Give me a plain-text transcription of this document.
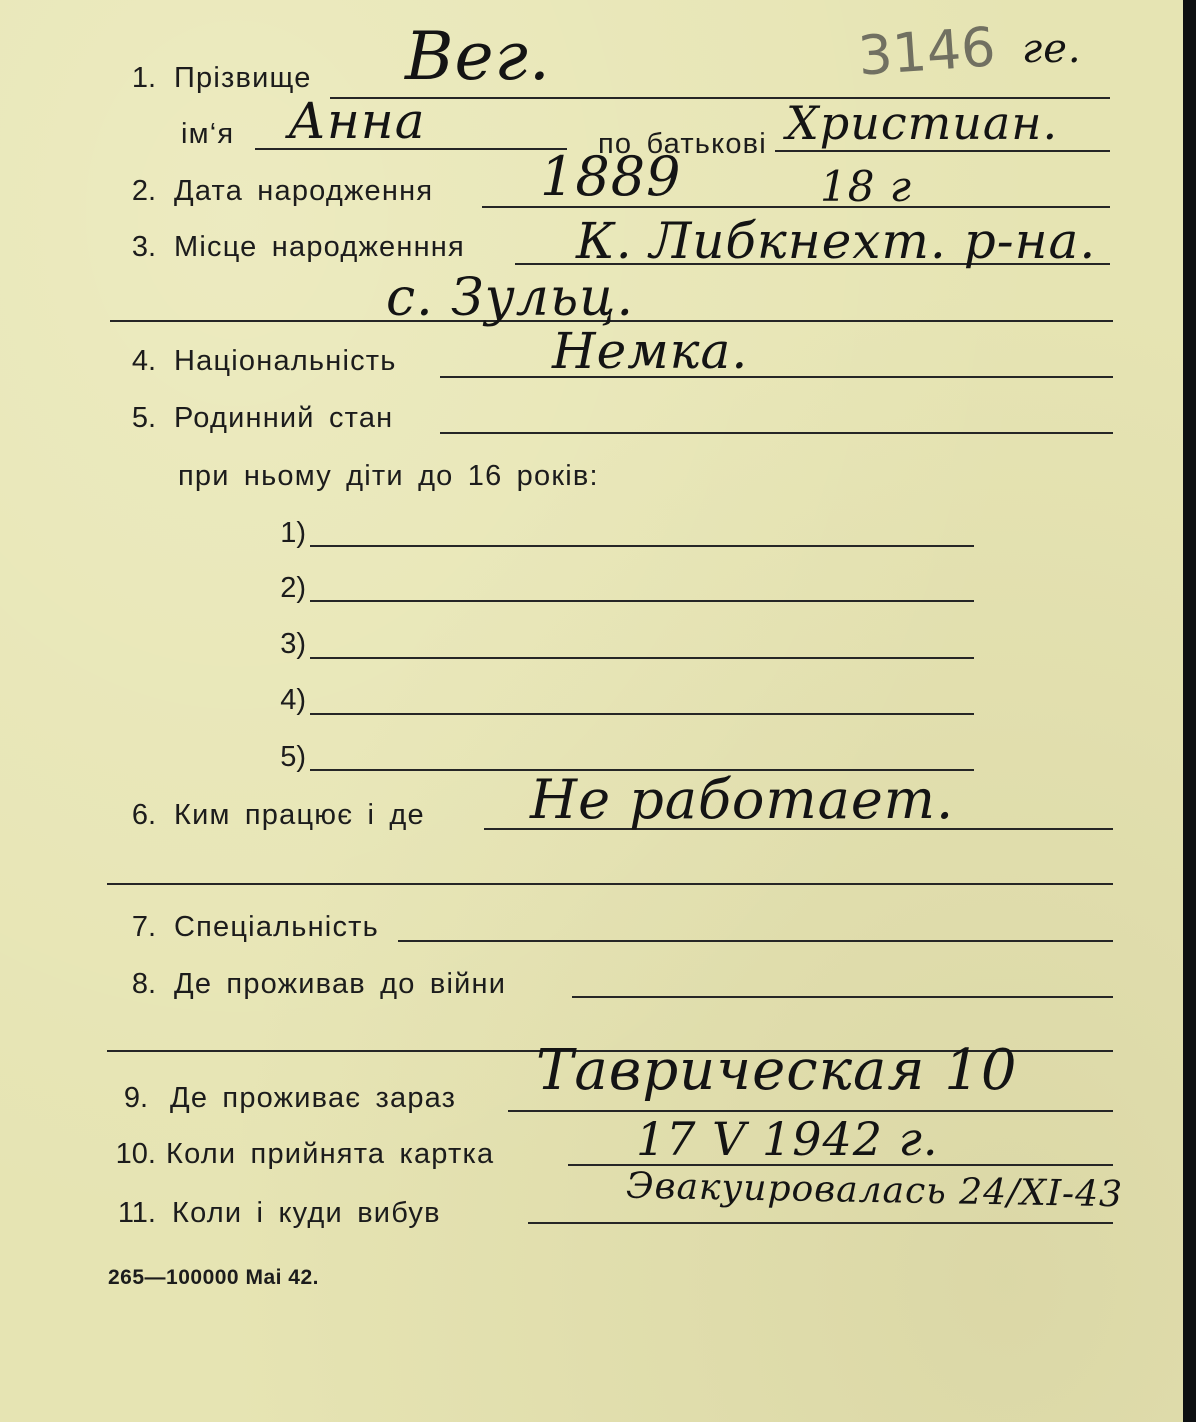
3146 ге.
1. Прізвище Вег.
ім‘я Анна	по батькові Христиан.
2. Дата народження 1889	18 г
3. Місце народженння К. Либкнехт. р-на.
с. Зульц.
4. Національність	Немка.
5. Родинний стан
при ньому діти до 16 років:
1)
2)
3)
4)
5)
6. Ким працює і де Не работает.
7. Спеціальність
8. Де проживав до війни
9. Де проживає зараз Таврическая 10
10. Коли прийнята картка	17 V 1942 г.
11. Коли і куди вибув	Эвакуировалась 24/XI-43
265—100000 Mai 42.
